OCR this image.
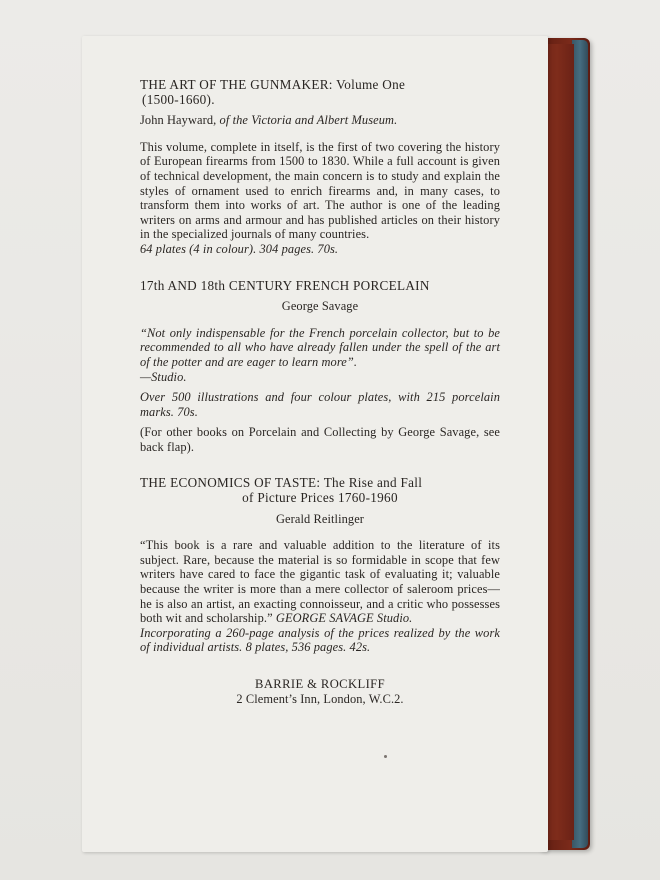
THE ART OF THE GUNMAKER: Volume One

(1500-1660).

John Hayward, of the Victoria and Albert Museum.

This volume, complete in itself, is the first of two covering the history of European firearms from 1500 to 1830. While a full account is given of technical development, the main concern is to study and explain the styles of ornament used to enrich firearms and, in many cases, to transform them into works of art. The author is one of the leading writers on arms and armour and has published articles on their history in the specialized journals of many countries.

64 plates (4 in colour). 304 pages. 70s.

17th AND 18th CENTURY FRENCH PORCELAIN

George Savage

“Not only indispensable for the French porcelain collector, but to be recommended to all who have already fallen under the spell of the art of the potter and are eager to learn more”.

—Studio.

Over 500 illustrations and four colour plates, with 215 porcelain marks. 70s.

(For other books on Porcelain and Collecting by George Savage, see back flap).

THE ECONOMICS OF TASTE: The Rise and Fall

of Picture Prices 1760-1960

Gerald Reitlinger

“This book is a rare and valuable addition to the literature of its subject. Rare, because the material is so formidable in scope that few writers have cared to face the gigantic task of evaluating it; valuable because the writer is more than a mere collector of saleroom prices—he is also an artist, an exacting connoisseur, and a critic who possesses both wit and scholarship.” GEORGE SAVAGE Studio.

Incorporating a 260-page analysis of the prices realized by the work of individual artists. 8 plates, 536 pages. 42s.

BARRIE & ROCKLIFF

2 Clement’s Inn, London, W.C.2.
